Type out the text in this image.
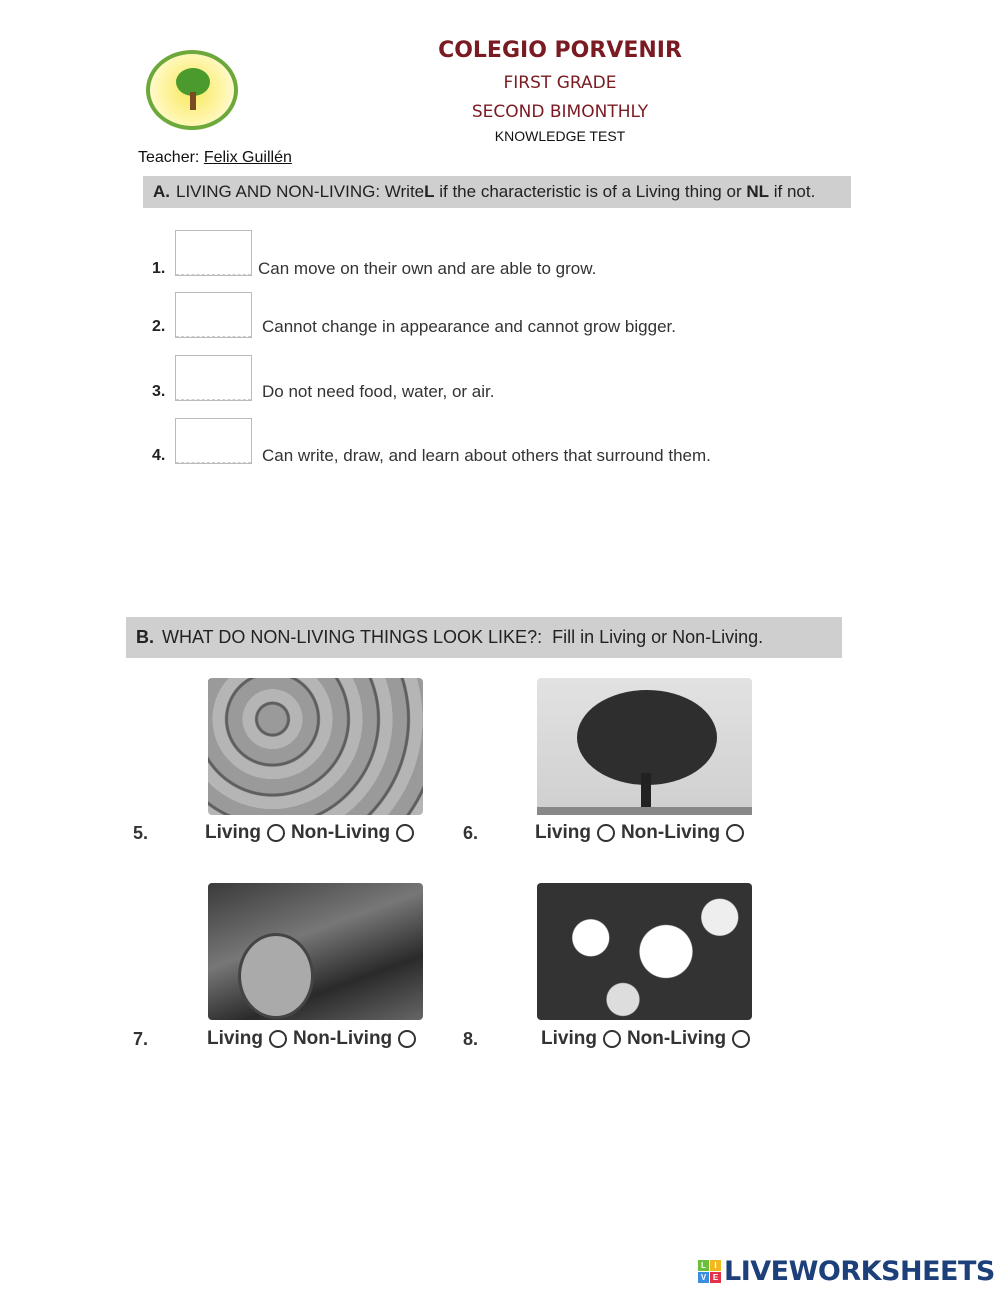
COLEGIO PORVENIR
FIRST GRADE
SECOND BIMONTHLY
KNOWLEDGE TEST
Teacher: Felix Guillén
A. LIVING AND NON-LIVING: Write L if the characteristic is of a Living thing or NL if not.
1.	Can move on their own and are able to grow.
2.	Cannot change in appearance and cannot grow bigger.
3.	Do not need food, water, or air.
4.	Can write, draw, and learn about others that surround them.
B. WHAT DO NON-LIVING THINGS LOOK LIKE?:  Fill in Living or Non-Living.
5.	Living Non-Living	6.	Living Non-Living
7.	Living Non-Living	8.	Living Non-Living
L	I
V E LIVEWORKSHEETS
